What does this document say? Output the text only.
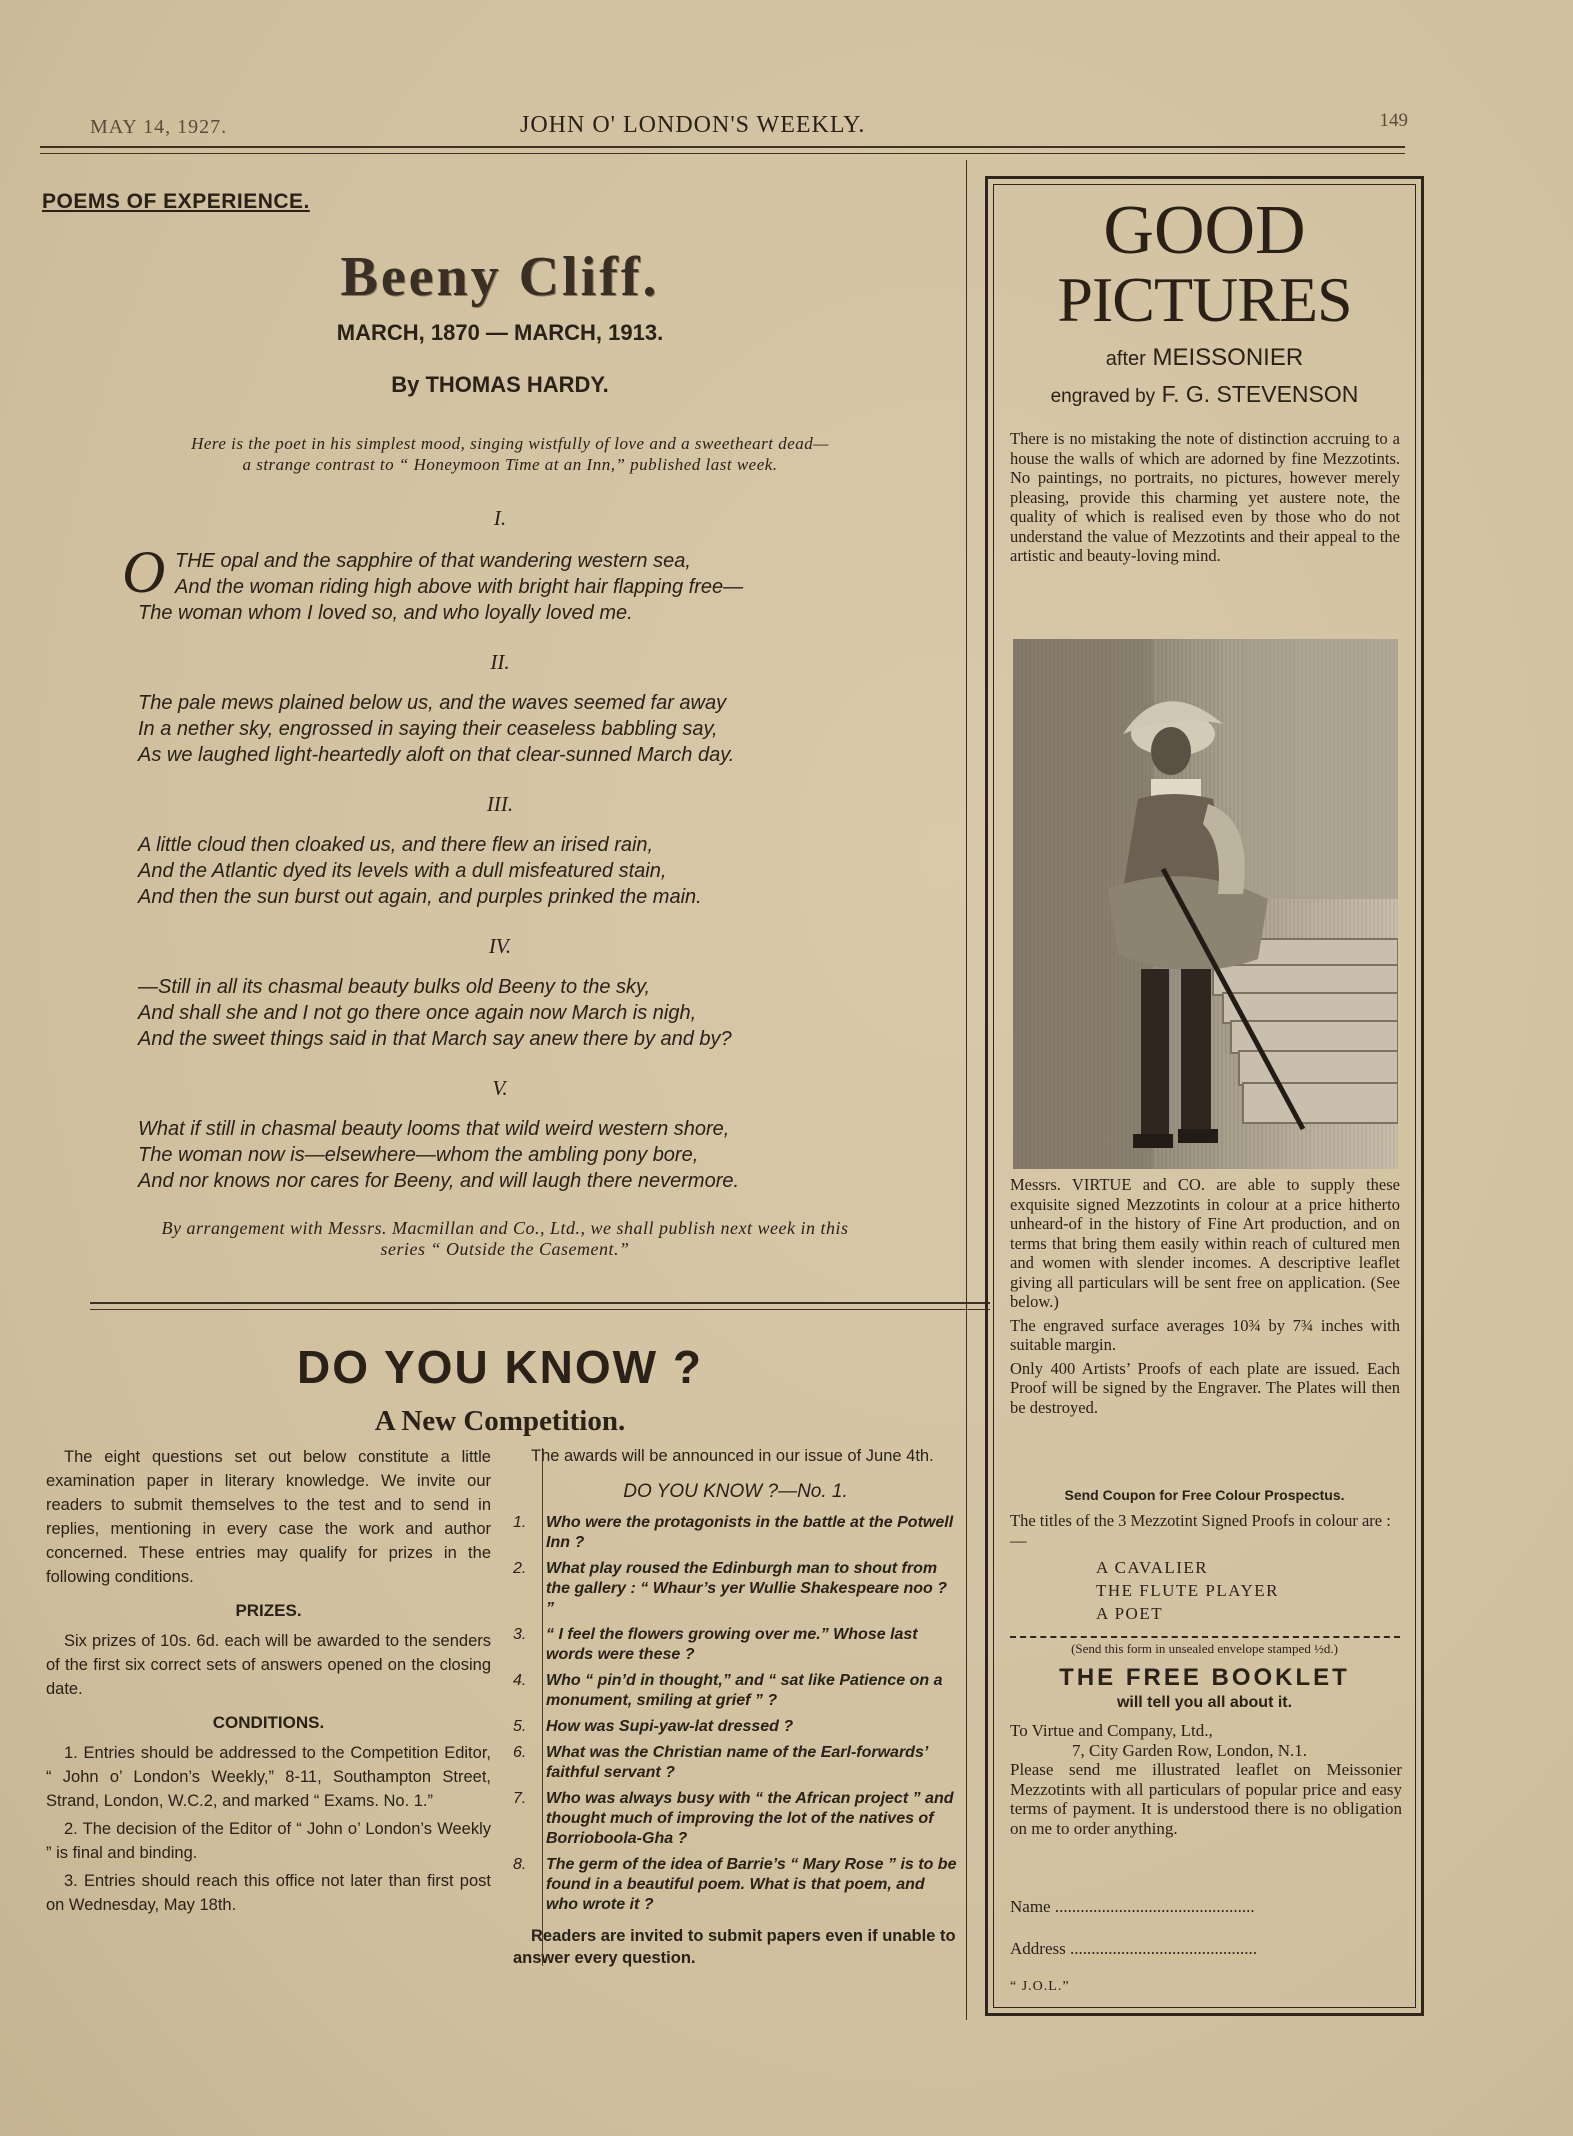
MAY 14, 1927.	JOHN O' LONDON'S WEEKLY.	149
POEMS OF EXPERIENCE.
Beeny Cliff.
MARCH, 1870 — MARCH, 1913.
By THOMAS HARDY.
Here is the poet in his simplest mood, singing wistfully of love and a sweetheart dead—
a strange contrast to “ Honeymoon Time at an Inn,” published last week.
I.
O THE opal and the sapphire of that wandering western sea,
And the woman riding high above with bright hair flapping free—
The woman whom I loved so, and who loyally loved me.
II.
The pale mews plained below us, and the waves seemed far away
In a nether sky, engrossed in saying their ceaseless babbling say,
As we laughed light-heartedly aloft on that clear-sunned March day.
III.
A little cloud then cloaked us, and there flew an irised rain,
And the Atlantic dyed its levels with a dull misfeatured stain,
And then the sun burst out again, and purples prinked the main.
IV.
—Still in all its chasmal beauty bulks old Beeny to the sky,
And shall she and I not go there once again now March is nigh,
And the sweet things said in that March say anew there by and by?
V.
What if still in chasmal beauty looms that wild weird western shore,
The woman now is—elsewhere—whom the ambling pony bore,
And nor knows nor cares for Beeny, and will laugh there nevermore.
By arrangement with Messrs. Macmillan and Co., Ltd., we shall publish next week in this
series “ Outside the Casement.”
DO YOU KNOW ?
A New Competition.

The eight questions set out below constitute a little examination paper in literary knowledge. We invite our readers to submit themselves to the test and to send in replies, mentioning in every case the work and author concerned. These entries may qualify for prizes in the following conditions.

PRIZES.

Six prizes of 10s. 6d. each will be awarded to the senders of the first six correct sets of answers opened on the closing date.

CONDITIONS.

1. Entries should be addressed to the Competition Editor, “ John o’ London’s Weekly,” 8-11, Southampton Street, Strand, London, W.C.2, and marked “ Exams. No. 1.”

2. The decision of the Editor of “ John o’ London’s Weekly ” is final and binding.

3. Entries should reach this office not later than first post on Wednesday, May 18th.

The awards will be announced in our issue of June 4th.

DO YOU KNOW ?—No. 1.
1. Who were the protagonists in the battle at the Potwell Inn ?
2. What play roused the Edinburgh man to shout from the gallery : “ Whaur’s yer Wullie Shakespeare noo ? ”
3. “ I feel the flowers growing over me.” Whose last words were these ?
4. Who “ pin’d in thought,” and “ sat like Patience on a monument, smiling at grief ” ?
5. How was Supi-yaw-lat dressed ?
6. What was the Christian name of the Earl-forwards’ faithful servant ?
7. Who was always busy with “ the African project ” and thought much of improving the lot of the natives of Borrioboola-Gha ?
8. The germ of the idea of Barrie’s “ Mary Rose ” is to be found in a beautiful poem. What is that poem, and who wrote it ?

Readers are invited to submit papers even if unable to answer every question.

GOOD
PICTURES
after MEISSONIER
engraved by F. G. STEVENSON
There is no mistaking the note of distinction accruing to a house the walls of which are adorned by fine Mezzotints. No paintings, no portraits, no pictures, however merely pleasing, provide this charming yet austere note, the quality of which is realised even by those who do not understand the value of Mezzotints and their appeal to the artistic and beauty-loving mind.

Messrs. VIRTUE and CO. are able to supply these exquisite signed Mezzotints in colour at a price hitherto unheard-of in the history of Fine Art production, and on terms that bring them easily within reach of cultured men and women with slender incomes. A descriptive leaflet giving all particulars will be sent free on application. (See below.)

The engraved surface averages 10¾ by 7¾ inches with suitable margin.

Only 400 Artists’ Proofs of each plate are issued. Each Proof will be signed by the Engraver. The Plates will then be destroyed.

Send Coupon for Free Colour Prospectus.
The titles of the 3 Mezzotint Signed Proofs in colour are :—
A CAVALIER
THE FLUTE PLAYER
A POET
(Send this form in unsealed envelope stamped ½d.)
THE FREE BOOKLET
will tell you all about it.
To Virtue and Company, Ltd.,
7, City Garden Row, London, N.1.
Please send me illustrated leaflet on Meissonier Mezzotints with all particulars of popular price and easy terms of payment. It is understood there is no obligation on me to order anything.
Name ...............................................
Address ............................................
“ J.O.L.”
